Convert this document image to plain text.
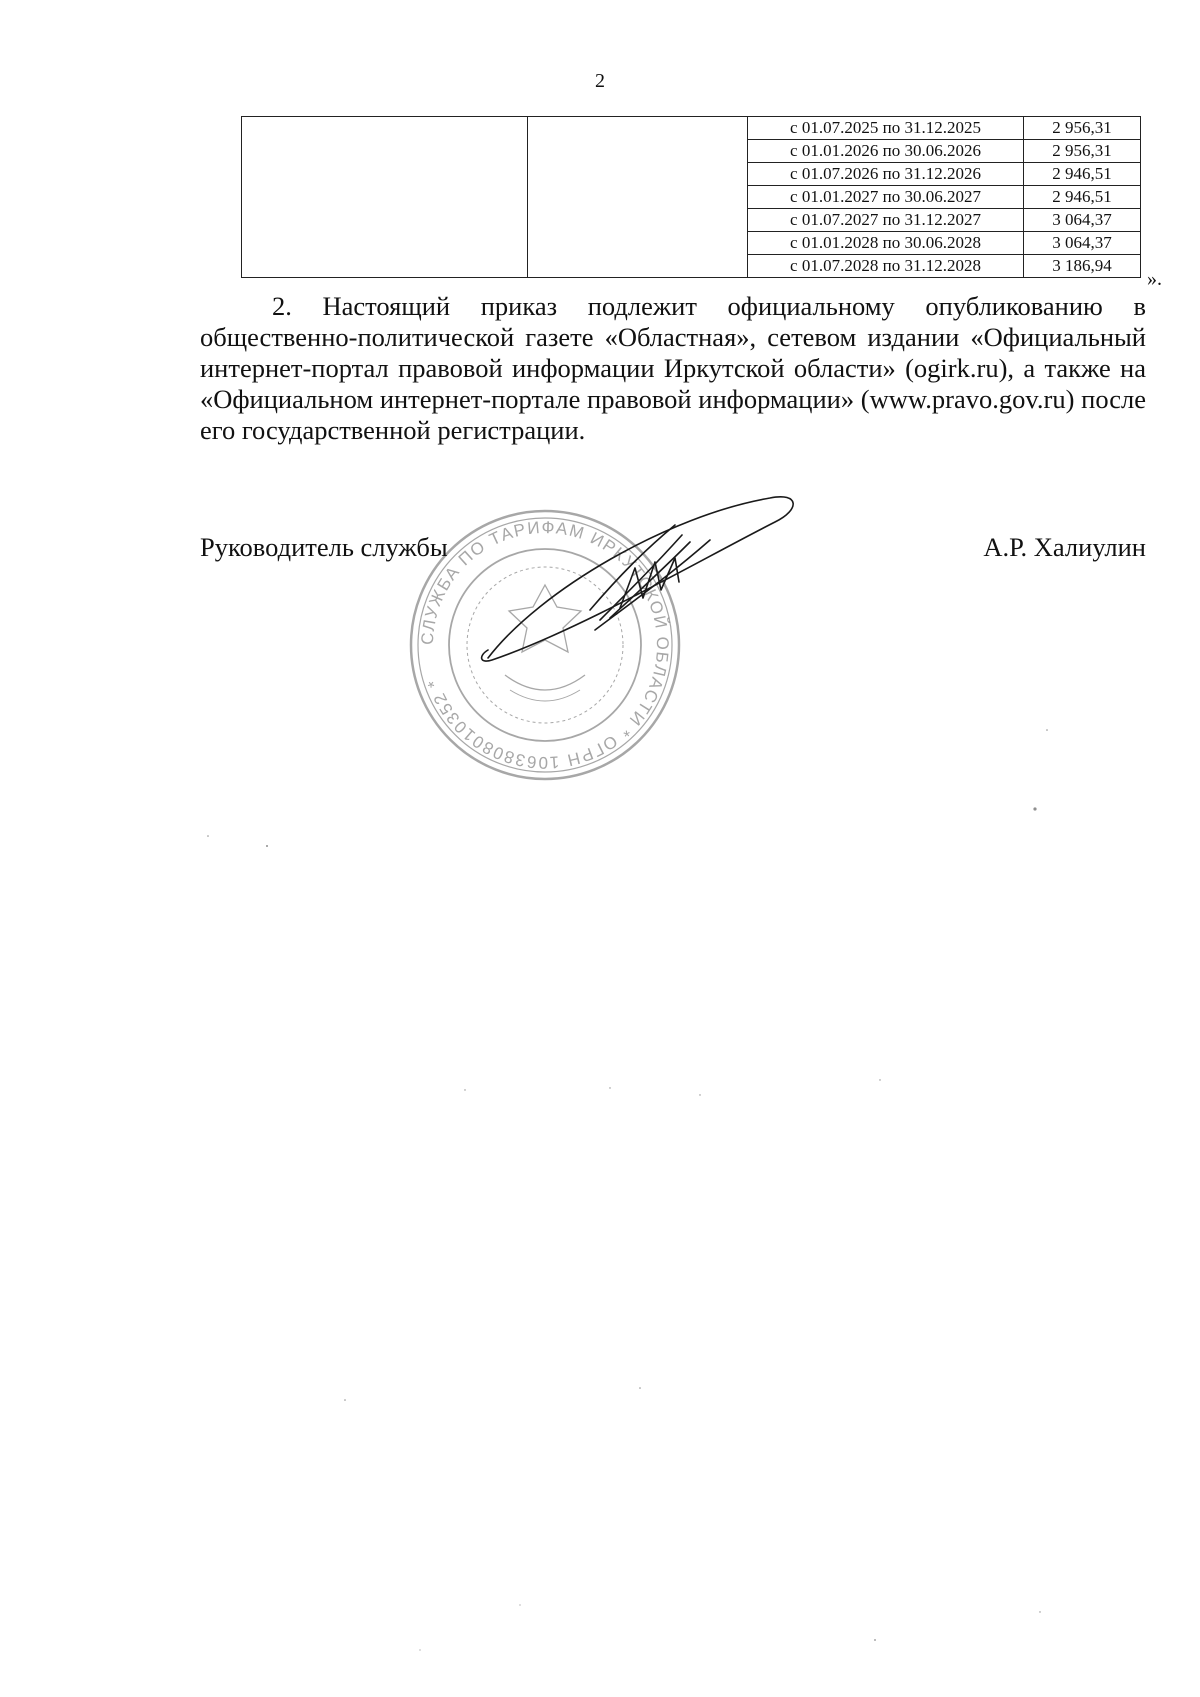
2
		с 01.07.2025 по 31.12.2025	2 956,31
		с 01.01.2026 по 30.06.2026	2 956,31
		с 01.07.2026 по 31.12.2026	2 946,51
		с 01.01.2027 по 30.06.2027	2 946,51
		с 01.07.2027 по 31.12.2027	3 064,37
		с 01.01.2028 по 30.06.2028	3 064,37
		с 01.07.2028 по 31.12.2028	3 186,94
».

2. Настоящий приказ подлежит официальному опубликованию в общественно-политической газете «Областная», сетевом издании «Официальный интернет-портал правовой информации Иркутской области» (ogirk.ru), а также на «Официальном интернет-портале правовой информации» (www.pravo.gov.ru) после его государственной регистрации.

СЛУЖБА ПО ТАРИФАМ ИРКУТСКОЙ ОБЛАСТИ * ОГРН 1063808010352 *
Руководитель службы	А.Р. Халиулин
